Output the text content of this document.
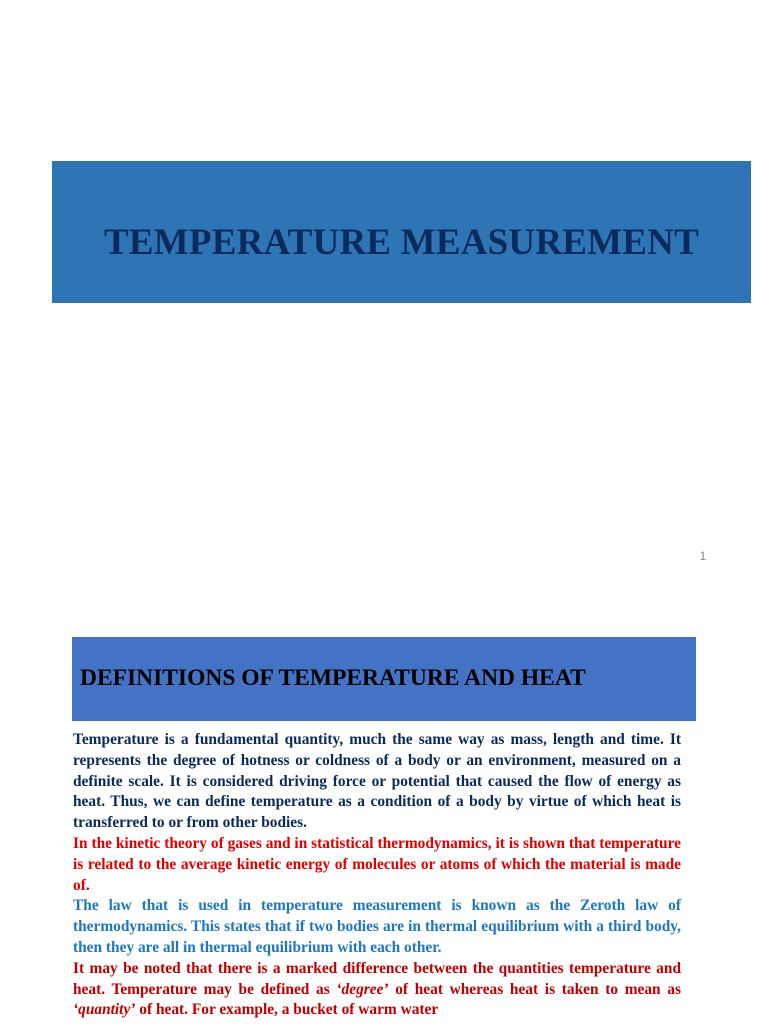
TEMPERATURE MEASUREMENT
1
DEFINITIONS OF TEMPERATURE AND HEAT

Temperature is a fundamental quantity, much the same way as mass, length and time. It represents the degree of hotness or coldness of a body or an environment, measured on a definite scale. It is considered driving force or potential that caused the flow of energy as heat. Thus, we can define temperature as a condition of a body by virtue of which heat is transferred to or from other bodies.

In the kinetic theory of gases and in statistical thermodynamics, it is shown that temperature is related to the average kinetic energy of molecules or atoms of which the material is made of.

The law that is used in temperature measurement is known as the Zeroth law of thermodynamics. This states that if two bodies are in thermal equilibrium with a third body, then they are all in thermal equilibrium with each other.

It may be noted that there is a marked difference between the quantities temperature and heat. Temperature may be defined as ‘degree’ of heat whereas heat is taken to mean as ‘quantity’ of heat. For example, a bucket of warm water
